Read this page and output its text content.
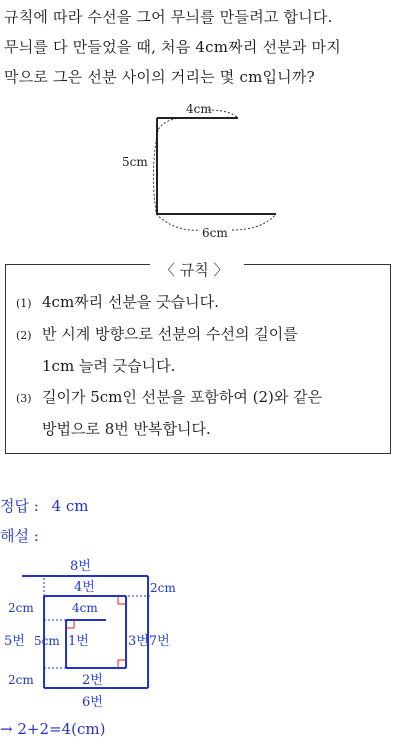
규칙에 따라 수선을 그어 무늬를 만들려고 합니다.
무늬를 다 만들었을 때, 처음 4cm짜리 선분과 마지
막으로 그은 선분 사이의 거리는 몇 cm입니까?
4cm
5cm
6cm
〈 규칙 〉
(1) 4cm짜리 선분을 긋습니다.
(2) 반 시계 방향으로 선분의 수선의 길이를
1cm 늘려 긋습니다.
(3) 길이가 5cm인 선분을 포함하여 (2)와 같은
방법으로 8번 반복합니다.
정답 : 4 cm
해설 :
8번
4번	2cm
2cm	4cm
5번 5cm 1번	3번7번
2cm	2번
6번
→ 2+2=4(cm)
